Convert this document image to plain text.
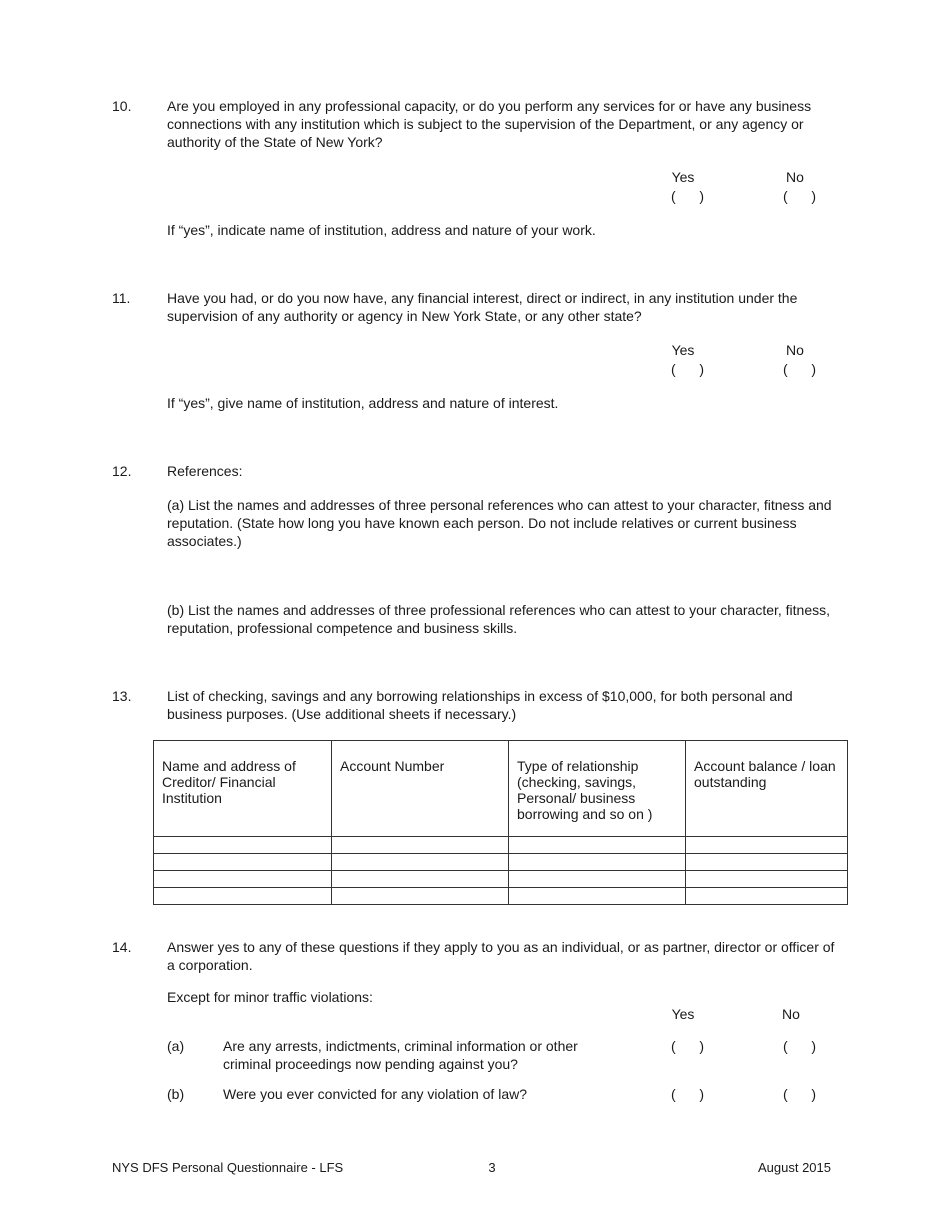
10.	Are you employed in any professional capacity, or do you perform any services for or have any business connections with any institution which is subject to the supervision of the Department, or any agency or authority of the State of New York?
Yes	No
(   )	(   )
If “yes”, indicate name of institution, address and nature of your work.
11.	Have you had, or do you now have, any financial interest, direct or indirect, in any institution under the supervision of any authority or agency in New York State, or any other state?
Yes	No
(   )	(   )
If “yes”, give name of institution, address and nature of interest.
12.	References:
(a) List the names and addresses of three personal references who can attest to your character, fitness and reputation. (State how long you have known each person. Do not include relatives or current business associates.)
(b) List the names and addresses of three professional references who can attest to your character, fitness, reputation, professional competence and business skills.
13.	List of checking, savings and any borrowing relationships in excess of $10,000, for both personal and business purposes. (Use additional sheets if necessary.)
Name and address of Creditor/ Financial Institution	Account Number	Type of relationship (checking, savings, Personal/ business borrowing and so on )	Account balance / loan outstanding

14.	Answer yes to any of these questions if they apply to you as an individual, or as partner, director or officer of a corporation.
Except for minor traffic violations:
Yes	No
(a)	Are any arrests, indictments, criminal information or other criminal proceedings now pending against you?
(   )	(   )
(b)	Were you ever convicted for any violation of law?	(   )	(   )
NYS DFS Personal Questionnaire - LFS	3	August 2015
